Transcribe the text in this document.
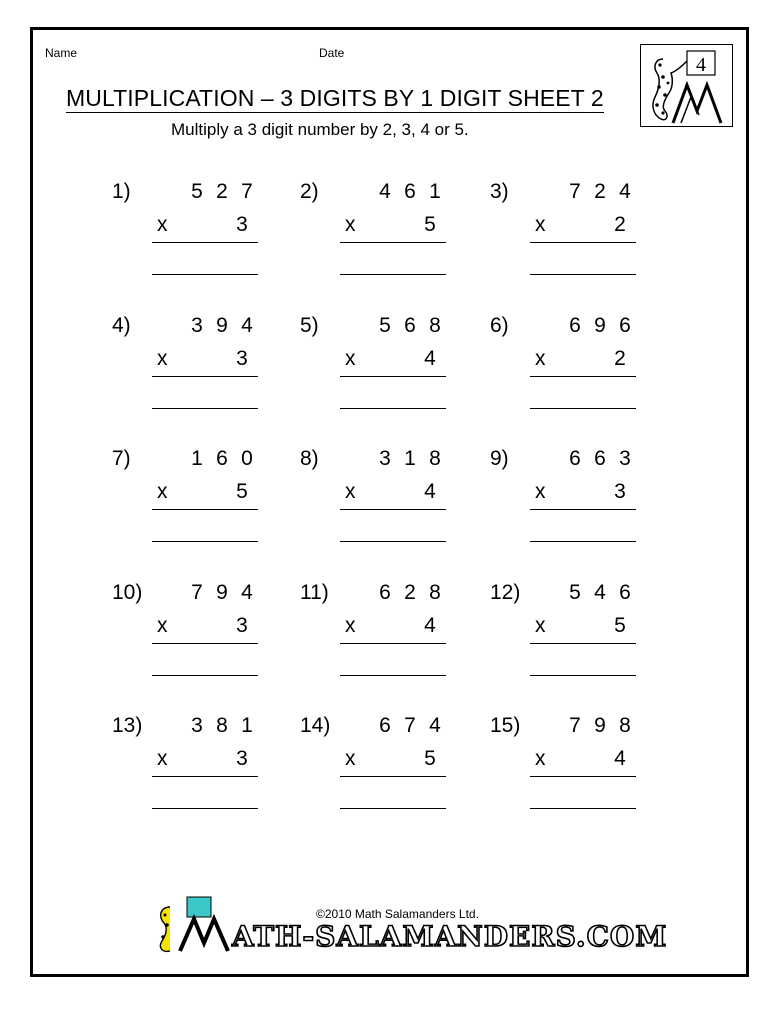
Name	Date
MULTIPLICATION – 3 DIGITS BY 1 DIGIT SHEET 2
Multiply a 3 digit number by 2, 3, 4 or 5.
4
1)	5 2 7
x	3
2)	4 6 1
x	5
3)	7 2 4
x	2
4)	3 9 4
x	3
5)	5 6 8
x	4
6)	6 9 6
x	2
7)	1 6 0
x	5
8)	3 1 8
x	4
9)	6 6 3
x	3
10) 7 9 4
x	3
11) 6 2 8
x	4
12) 5 4 6
x	5
13) 3 8 1
x	3
14) 6 7 4
x	5
15) 7 9 8
x	4
ATH-SALAMANDERS.COM
©2010 Math Salamanders Ltd.
